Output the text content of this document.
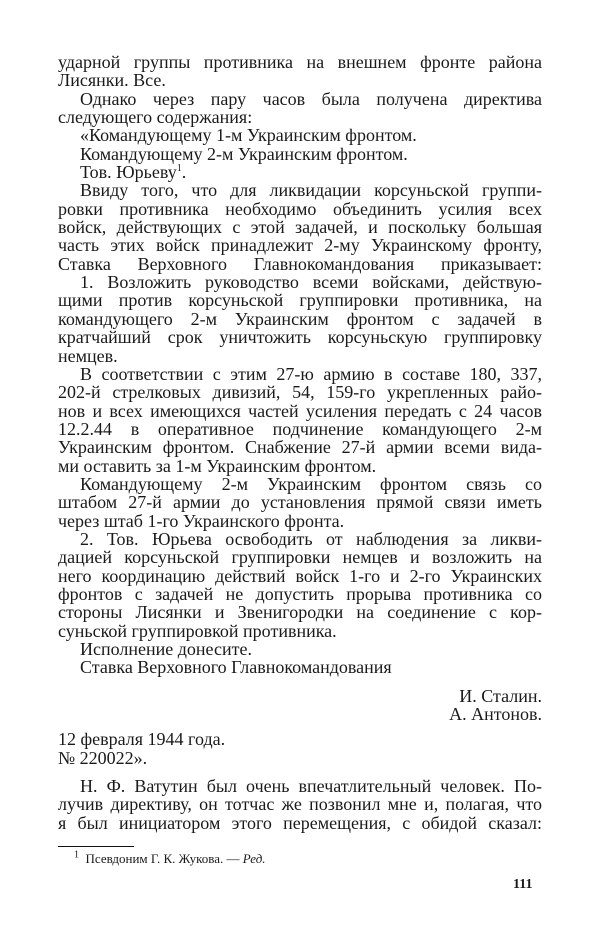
ударной группы противника на внешнем фронте района
Лисянки. Все.
Однако через пару часов была получена директива
следующего содержания:
«Командующему 1-м Украинским фронтом.
Командующему 2-м Украинским фронтом.
Тов. Юрьеву$^1$.
Ввиду того, что для ликвидации корсуньской группи-
ровки противника необходимо объединить усилия всех
войск, действующих с этой задачей, и поскольку большая
часть этих войск принадлежит 2-му Украинскому фронту,
Ставка Верховного Главнокомандования приказывает:
1. Возложить руководство всеми войсками, действую-
щими против корсуньской группировки противника, на
командующего 2-м Украинским фронтом с задачей в
кратчайший срок уничтожить корсуньскую группировку
немцев.
В соответствии с этим 27-ю армию в составе 180, 337,
202-й стрелковых дивизий, 54, 159-го укрепленных райо-
нов и всех имеющихся частей усиления передать с 24 часов
12.2.44 в оперативное подчинение командующего 2-м
Украинским фронтом. Снабжение 27-й армии всеми вида-
ми оставить за 1-м Украинским фронтом.
Командующему 2-м Украинским фронтом связь со
штабом 27-й армии до установления прямой связи иметь
через штаб 1-го Украинского фронта.
2. Тов. Юрьева освободить от наблюдения за ликви-
дацией корсуньской группировки немцев и возложить на
него координацию действий войск 1-го и 2-го Украинских
фронтов с задачей не допустить прорыва противника со
стороны Лисянки и Звенигородки на соединение с кор-
суньской группировкой противника.
Исполнение донесите.
Ставка Верховного Главнокомандования
И. Сталин.
А. Антонов.
12 февраля 1944 года.
№ 220022».
Н. Ф. Ватутин был очень впечатлительный человек. По-
лучив директиву, он тотчас же позвонил мне и, полагая, что
я был инициатором этого перемещения, с обидой сказал:
$^1$ Псевдоним Г. К. Жукова. — Ред.
111
